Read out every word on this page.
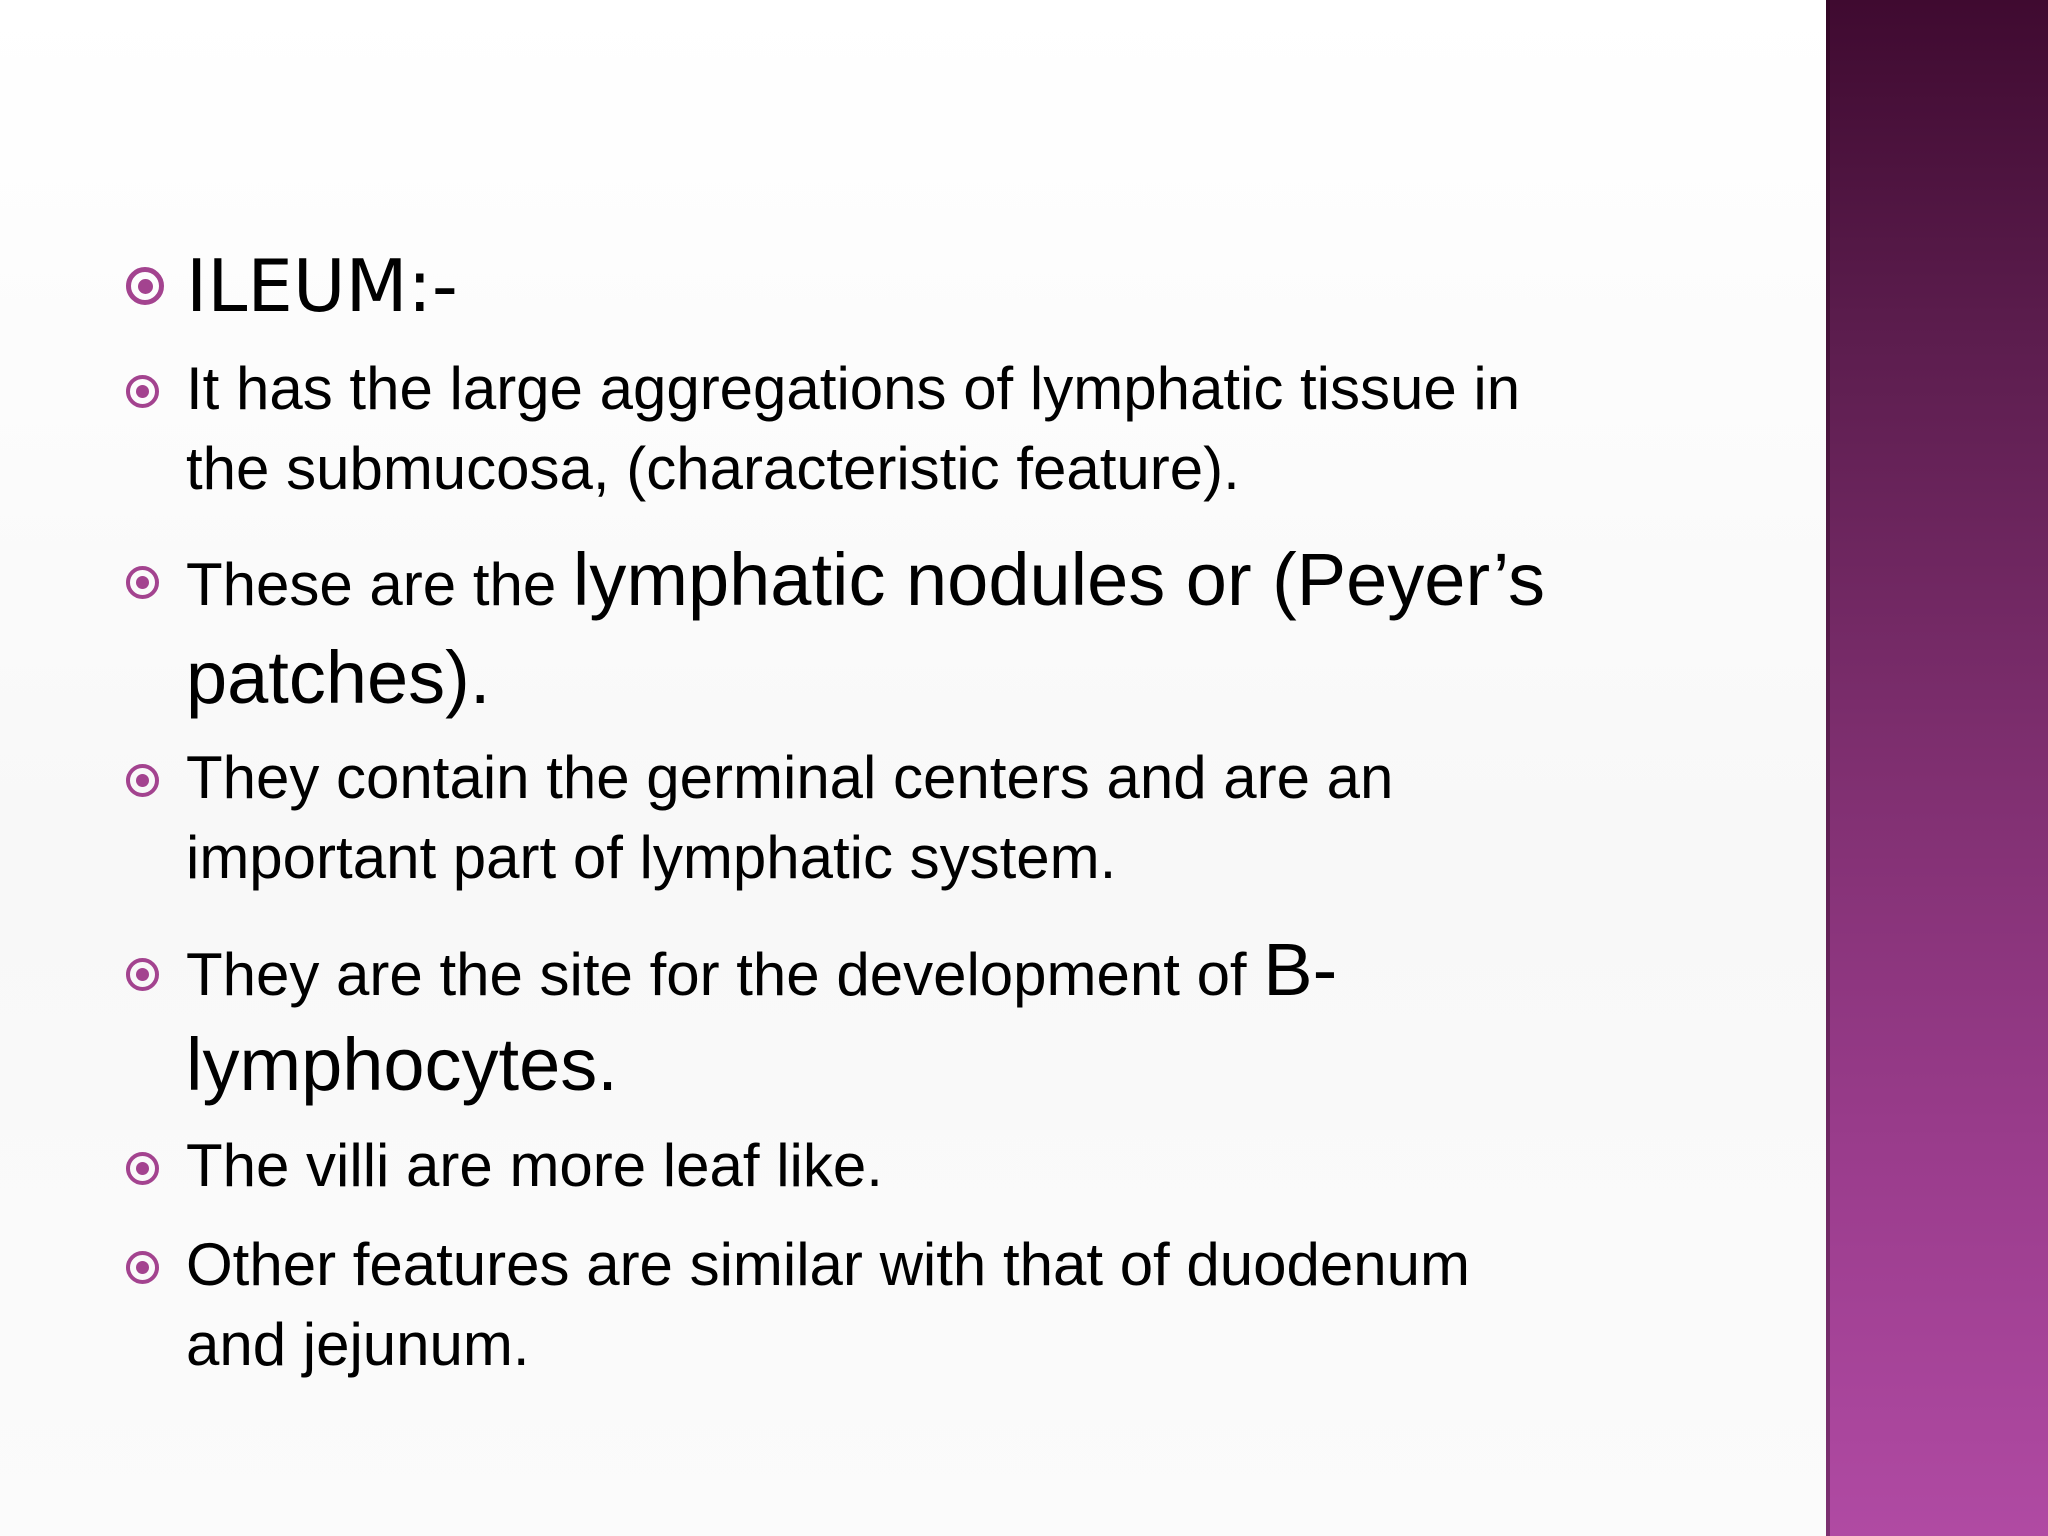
ILEUM:-
It has the large aggregations of lymphatic tissue in
the submucosa, (characteristic feature).
These are the lymphatic nodules or (Peyer’s
patches).
They contain the germinal centers and are an
important part of lymphatic system.
They are the site for the development of B-
lymphocytes.
The villi are more leaf like.
Other features are similar with that of duodenum
and jejunum.
